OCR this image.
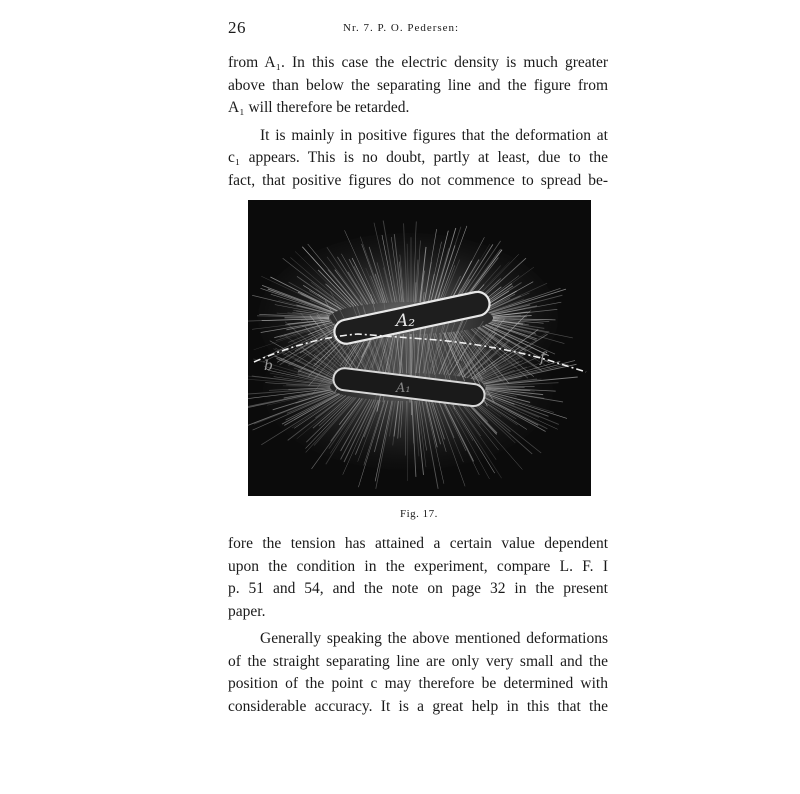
26	Nr. 7. P. O. Pedersen:

from A₁. In this case the electric density is much greater
above than below the separating line and the figure from
A₁ will therefore be retarded.

It is mainly in positive figures that the deformation at
c₁ appears. This is no doubt, partly at least, due to the
fact, that positive figures do not commence to spread be-

A₂
A₁
b	f
Fig. 17.

fore the tension has attained a certain value dependent
upon the condition in the experiment, compare L. F. I
p. 51 and 54, and the note on page 32 in the present
paper.

Generally speaking the above mentioned deformations
of the straight separating line are only very small and the
position of the point c may therefore be determined with
considerable accuracy. It is a great help in this that the
